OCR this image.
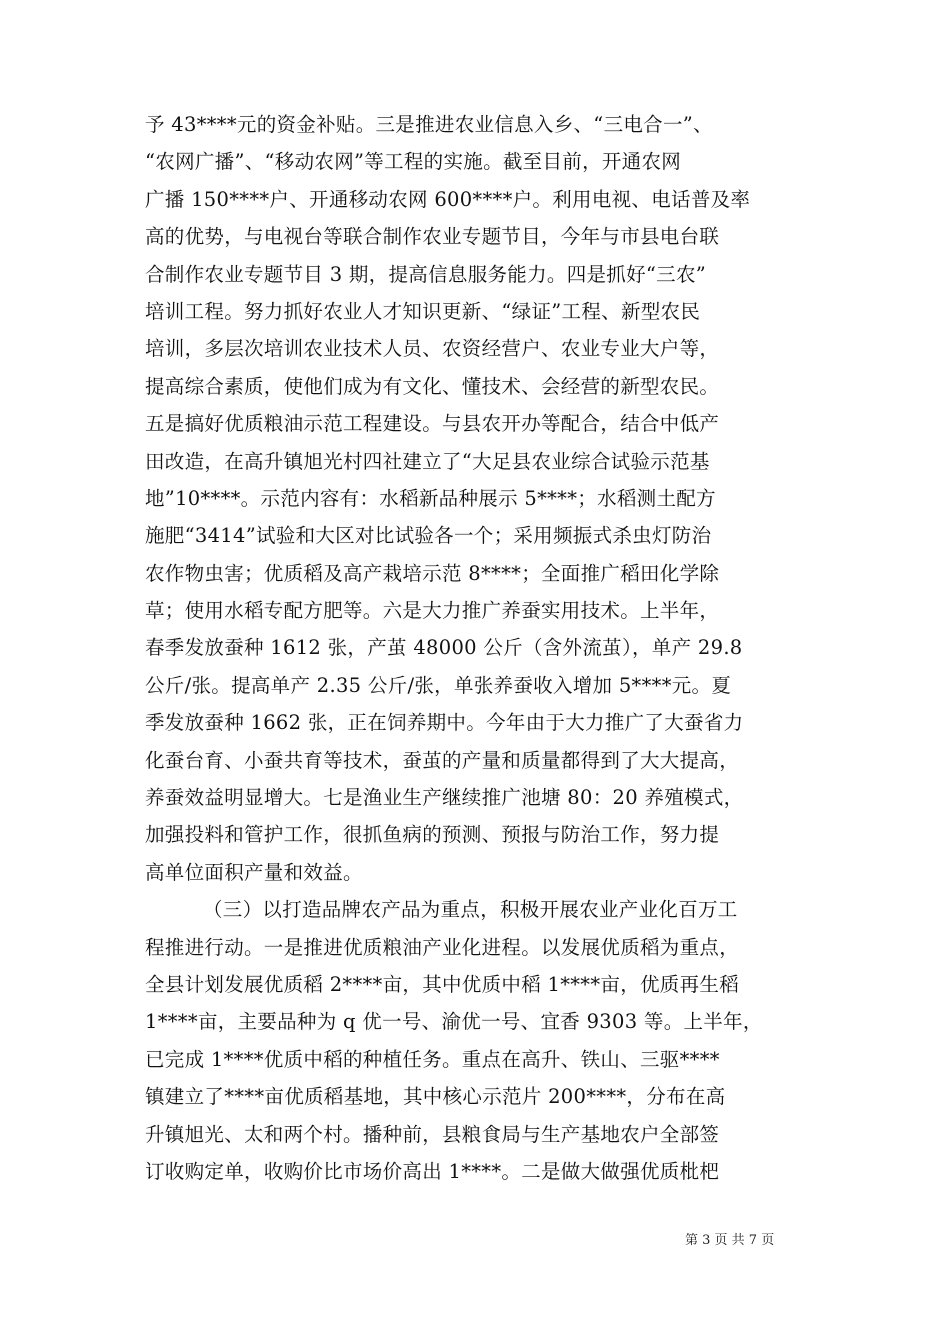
予 43****元的资金补贴。三是推进农业信息入乡、“三电合一”、
“农网广播”、“移动农网”等工程的实施。截至目前，开通农网
广播 150****户、开通移动农网 600****户。利用电视、电话普及率
高的优势，与电视台等联合制作农业专题节目，今年与市县电台联
合制作农业专题节目 3 期，提高信息服务能力。四是抓好“三农”
培训工程。努力抓好农业人才知识更新、“绿证”工程、新型农民
培训，多层次培训农业技术人员、农资经营户、农业专业大户等，
提高综合素质，使他们成为有文化、懂技术、会经营的新型农民。
五是搞好优质粮油示范工程建设。与县农开办等配合，结合中低产
田改造，在高升镇旭光村四社建立了“大足县农业综合试验示范基
地”10****。示范内容有：水稻新品种展示 5****；水稻测土配方
施肥“3414”试验和大区对比试验各一个；采用频振式杀虫灯防治
农作物虫害；优质稻及高产栽培示范 8****；全面推广稻田化学除
草；使用水稻专配方肥等。六是大力推广养蚕实用技术。上半年，
春季发放蚕种 1612 张，产茧 48000 公斤（含外流茧），单产 29.8
公斤/张。提高单产 2.35 公斤/张，单张养蚕收入增加 5****元。夏
季发放蚕种 1662 张，正在饲养期中。今年由于大力推广了大蚕省力
化蚕台育、小蚕共育等技术，蚕茧的产量和质量都得到了大大提高，
养蚕效益明显增大。七是渔业生产继续推广池塘 80：20 养殖模式，
加强投料和管护工作，很抓鱼病的预测、预报与防治工作，努力提
高单位面积产量和效益。
（三）以打造品牌农产品为重点，积极开展农业产业化百万工
程推进行动。一是推进优质粮油产业化进程。以发展优质稻为重点，
全县计划发展优质稻 2****亩，其中优质中稻 1****亩，优质再生稻
1****亩，主要品种为 q 优一号、渝优一号、宜香 9303 等。上半年，
已完成 1****优质中稻的种植任务。重点在高升、铁山、三驱****
镇建立了****亩优质稻基地，其中核心示范片 200****，分布在高
升镇旭光、太和两个村。播种前，县粮食局与生产基地农户全部签
订收购定单，收购价比市场价高出 1****。二是做大做强优质枇杷
第 3 页 共 7 页
